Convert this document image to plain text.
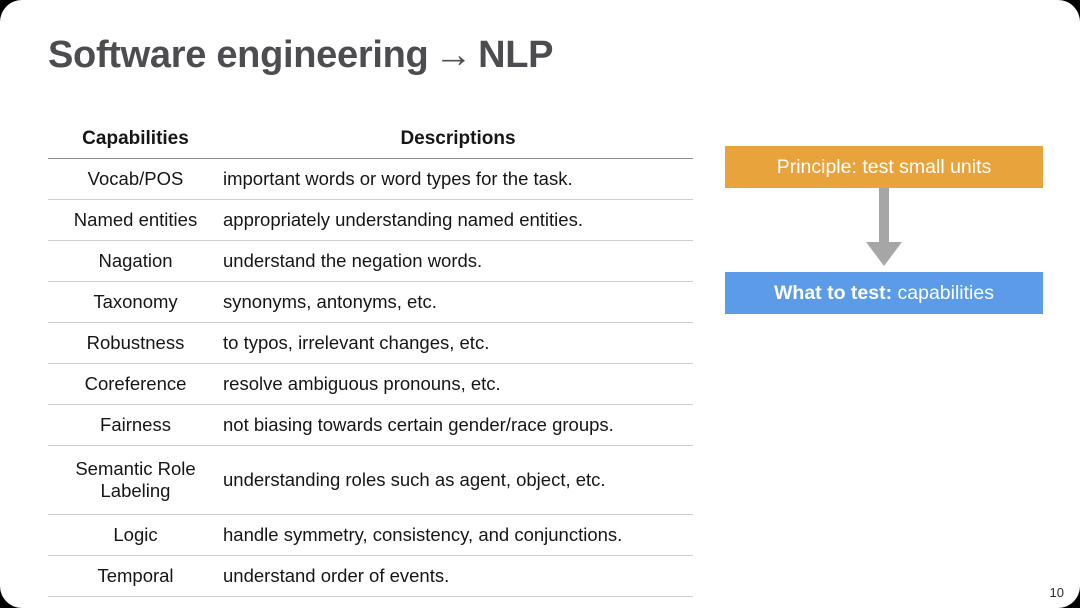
Software engineering → NLP
Capabilities	Descriptions

Vocab/POS	important words or word types for the task.
Named entities	appropriately understanding named entities.
Nagation	understand the negation words.
Taxonomy	synonyms, antonyms, etc.
Robustness	to typos, irrelevant changes, etc.
Coreference	resolve ambiguous pronouns, etc.
Fairness	not biasing towards certain gender/race groups.
Semantic Role Labeling	understanding roles such as agent, object, etc.
Logic	handle symmetry, consistency, and conjunctions.
Temporal	understand order of events.
Principle: test small units
What to test: capabilities
10
